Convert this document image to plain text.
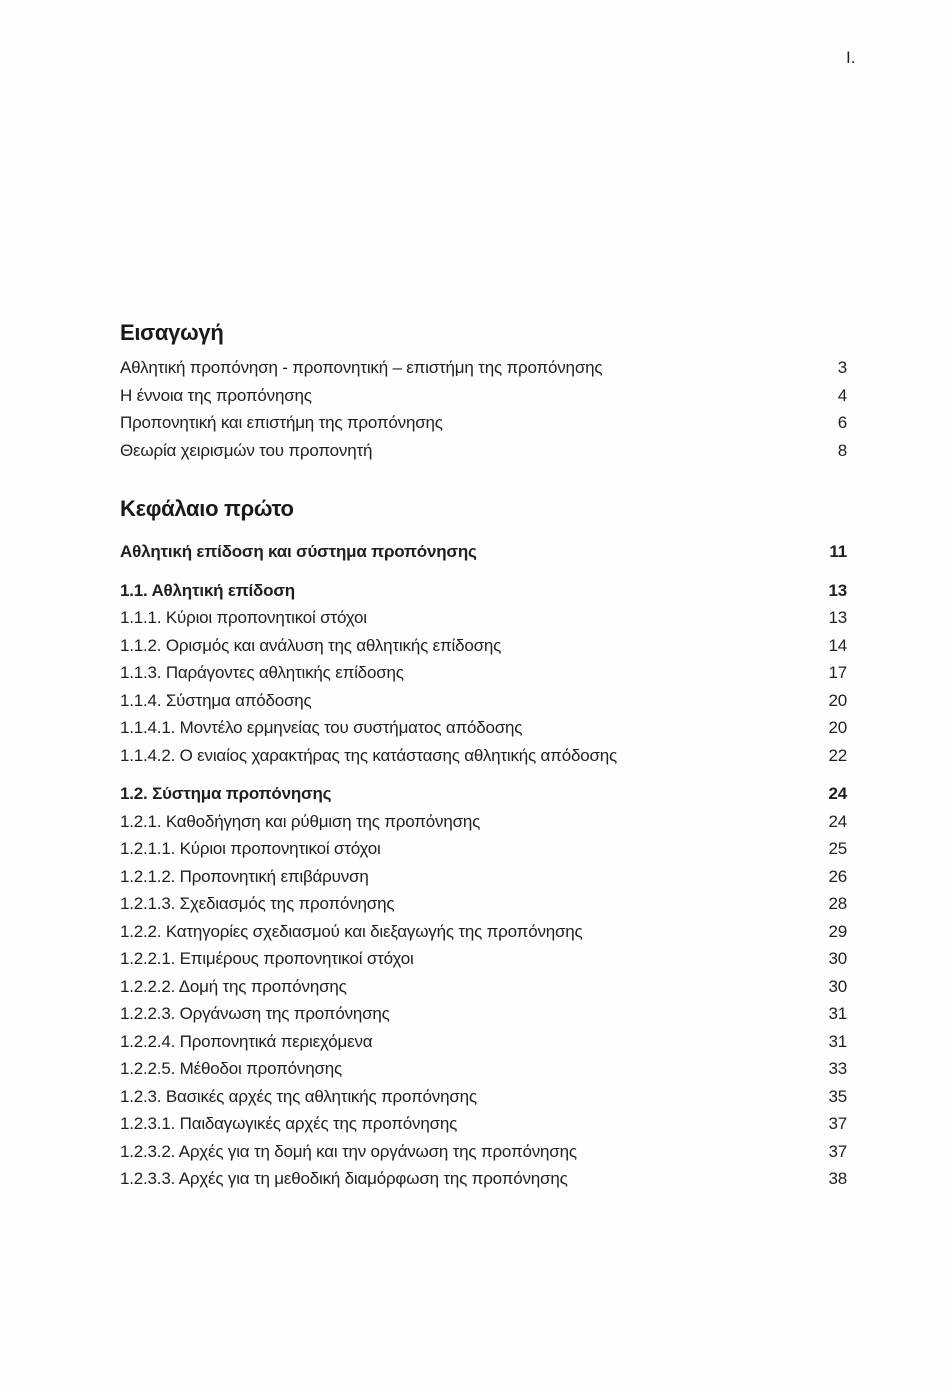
I.
Εισαγωγή
Αθλητική προπόνηση - προπονητική – επιστήμη της προπόνησης	3
Η έννοια της προπόνησης	4
Προπονητική και επιστήμη της προπόνησης	6
Θεωρία χειρισμών του προπονητή	8
Κεφάλαιο πρώτο
Αθλητική επίδοση και σύστημα προπόνησης	11
1.1. Αθλητική επίδοση	13
1.1.1. Κύριοι προπονητικοί στόχοι	13
1.1.2. Ορισμός και ανάλυση της αθλητικής επίδοσης	14
1.1.3. Παράγοντες αθλητικής επίδοσης	17
1.1.4. Σύστημα απόδοσης	20
1.1.4.1. Μοντέλο ερμηνείας του συστήματος απόδοσης	20
1.1.4.2. Ο ενιαίος χαρακτήρας της κατάστασης αθλητικής απόδοσης	22
1.2. Σύστημα προπόνησης	24
1.2.1. Καθοδήγηση και ρύθμιση της προπόνησης	24
1.2.1.1. Κύριοι προπονητικοί στόχοι	25
1.2.1.2. Προπονητική επιβάρυνση	26
1.2.1.3. Σχεδιασμός της προπόνησης	28
1.2.2. Κατηγορίες σχεδιασμού και διεξαγωγής της προπόνησης	29
1.2.2.1. Επιμέρους προπονητικοί στόχοι	30
1.2.2.2. Δομή της προπόνησης	30
1.2.2.3. Οργάνωση της προπόνησης	31
1.2.2.4. Προπονητικά περιεχόμενα	31
1.2.2.5. Μέθοδοι προπόνησης	33
1.2.3. Βασικές αρχές της αθλητικής προπόνησης	35
1.2.3.1. Παιδαγωγικές αρχές της προπόνησης	37
1.2.3.2. Αρχές για τη δομή και την οργάνωση της προπόνησης	37
1.2.3.3. Αρχές για τη μεθοδική διαμόρφωση της προπόνησης	38
